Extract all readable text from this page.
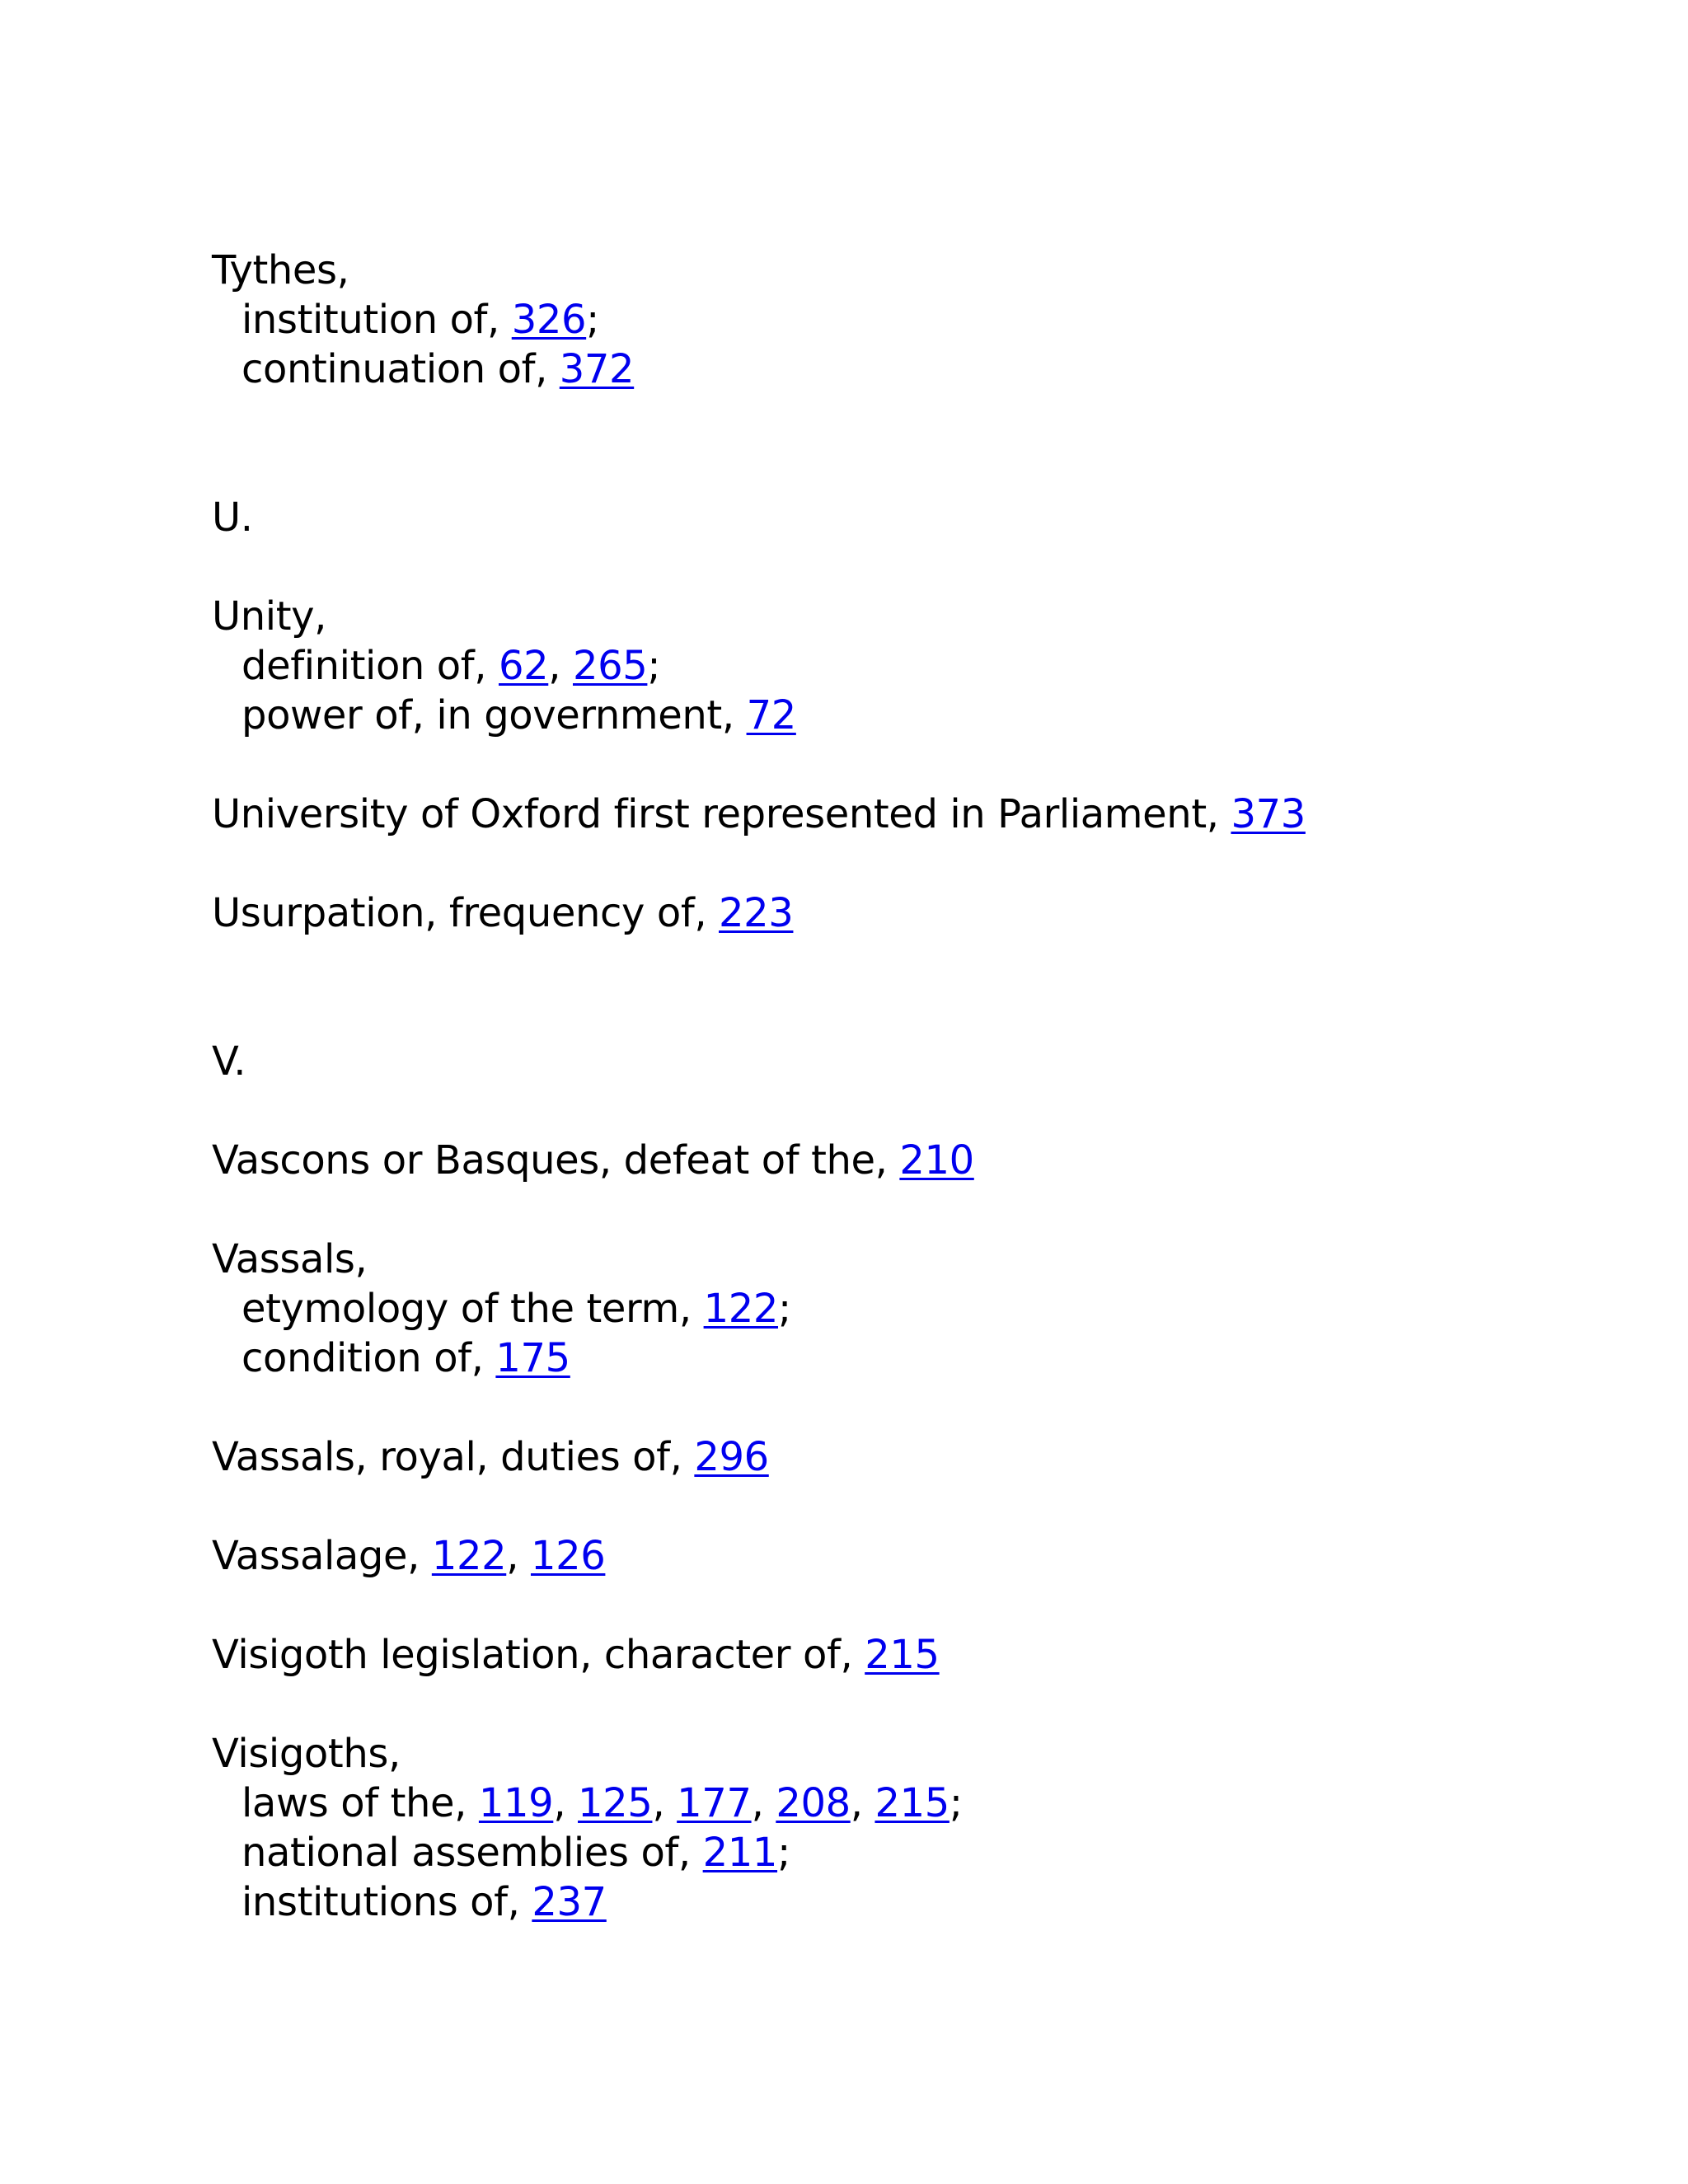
Tythes,
institution of, 326;
continuation of, 372
U.
Unity,
definition of, 62, 265;
power of, in government, 72
University of Oxford first represented in Parliament, 373
Usurpation, frequency of, 223
V.
Vascons or Basques, defeat of the, 210
Vassals,
etymology of the term, 122;
condition of, 175
Vassals, royal, duties of, 296
Vassalage, 122, 126
Visigoth legislation, character of, 215
Visigoths,
laws of the, 119, 125, 177, 208, 215;
national assemblies of, 211;
institutions of, 237
